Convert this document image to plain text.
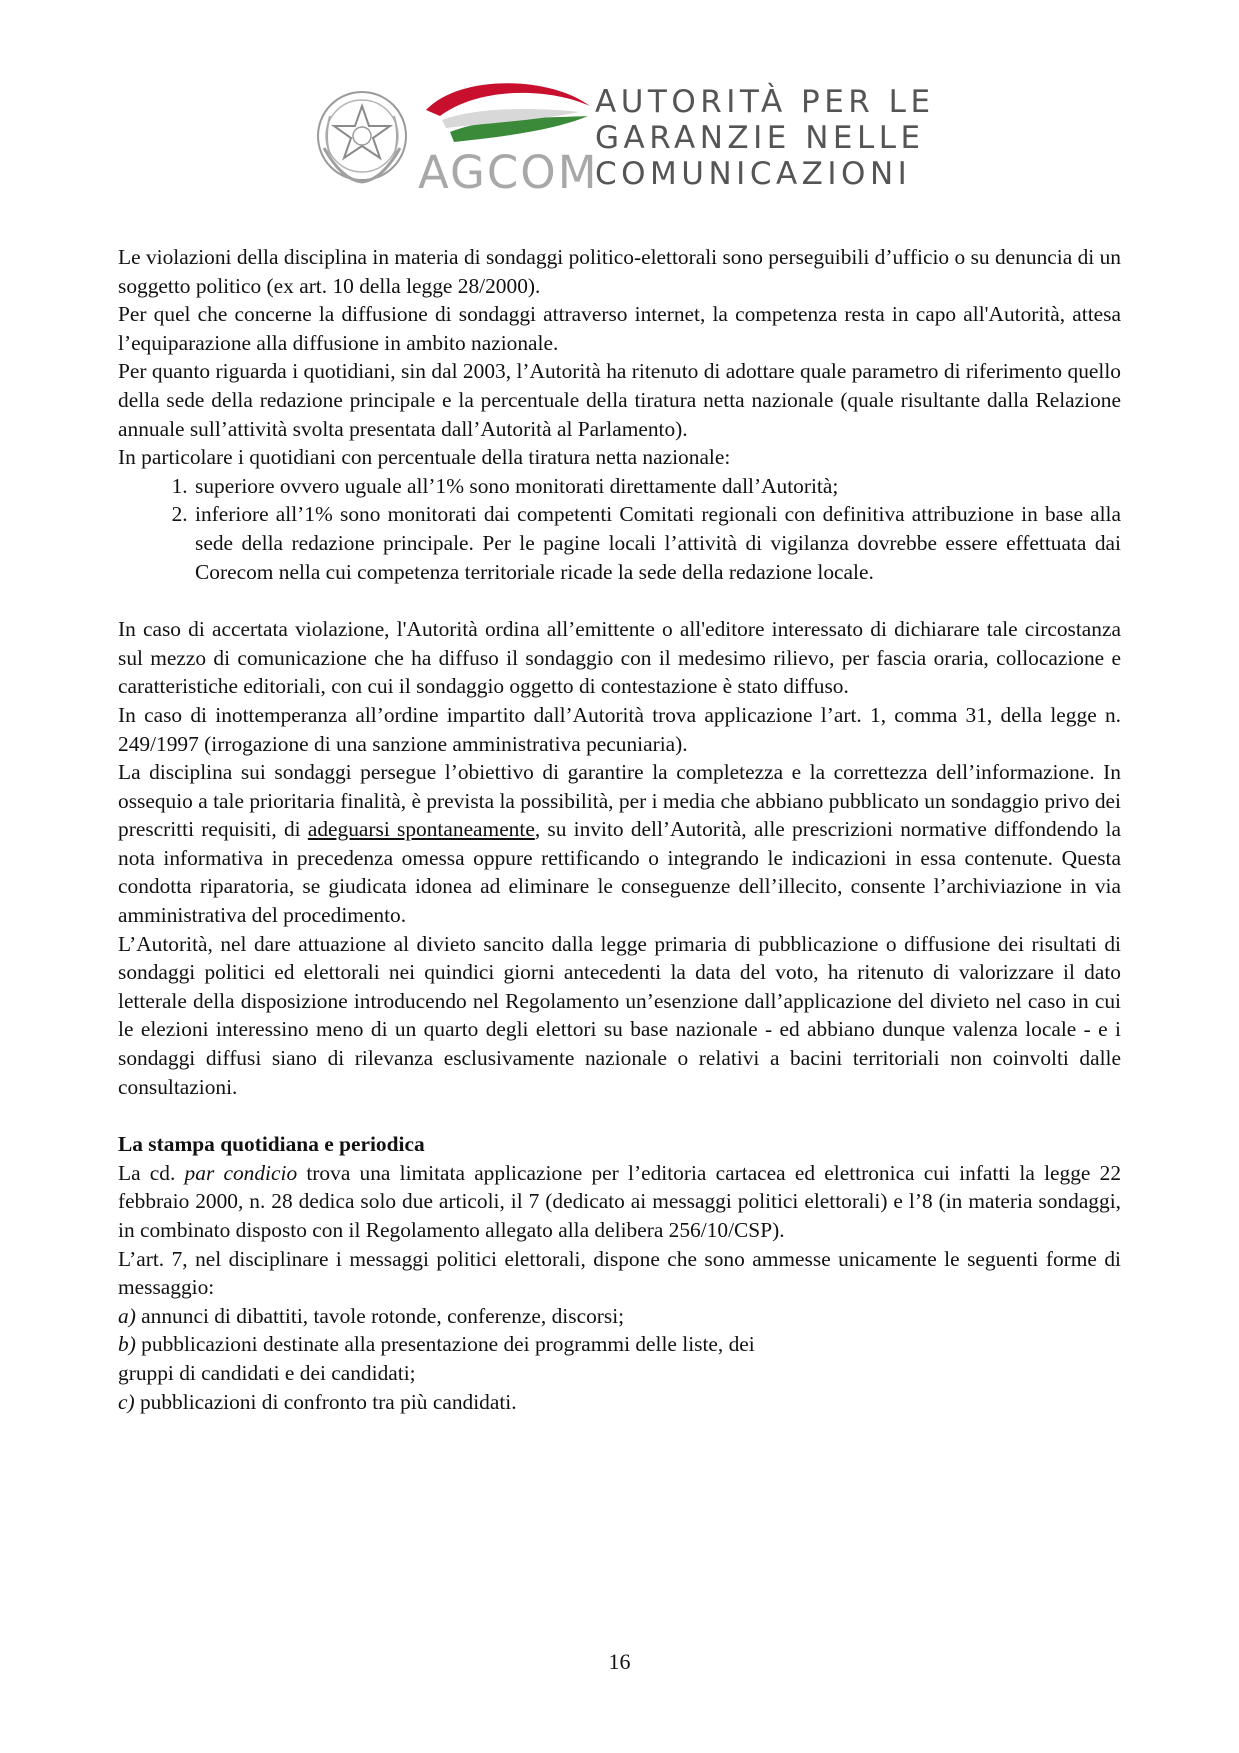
AGCOM
AUTORITÀ PER LE
GARANZIE NELLE
COMUNICAZIONI

Le violazioni della disciplina in materia di sondaggi politico-elettorali sono perseguibili d’ufficio o su denuncia di un soggetto politico (ex art. 10 della legge 28/2000).

Per quel che concerne la diffusione di sondaggi attraverso internet, la competenza resta in capo all'Autorità, attesa l’equiparazione alla diffusione in ambito nazionale.

Per quanto riguarda i quotidiani, sin dal 2003, l’Autorità ha ritenuto di adottare quale parametro di riferimento quello della sede della redazione principale e la percentuale della tiratura netta nazionale (quale risultante dalla Relazione annuale sull’attività svolta presentata dall’Autorità al Parlamento).

In particolare i quotidiani con percentuale della tiratura netta nazionale:

1. superiore ovvero uguale all’1% sono monitorati direttamente dall’Autorità;
2. inferiore all’1% sono monitorati dai competenti Comitati regionali con definitiva attribuzione in base alla sede della redazione principale. Per le pagine locali l’attività di vigilanza dovrebbe essere effettuata dai Corecom nella cui competenza territoriale ricade la sede della redazione locale.

In caso di accertata violazione, l'Autorità ordina all’emittente o all'editore interessato di dichiarare tale circostanza sul mezzo di comunicazione che ha diffuso il sondaggio con il medesimo rilievo, per fascia oraria, collocazione e caratteristiche editoriali, con cui il sondaggio oggetto di contestazione è stato diffuso.

In caso di inottemperanza all’ordine impartito dall’Autorità trova applicazione l’art. 1, comma 31, della legge n. 249/1997 (irrogazione di una sanzione amministrativa pecuniaria).

La disciplina sui sondaggi persegue l’obiettivo di garantire la completezza e la correttezza dell’informazione. In ossequio a tale prioritaria finalità, è prevista la possibilità, per i media che abbiano pubblicato un sondaggio privo dei prescritti requisiti, di adeguarsi spontaneamente, su invito dell’Autorità, alle prescrizioni normative diffondendo la nota informativa in precedenza omessa oppure rettificando o integrando le indicazioni in essa contenute. Questa condotta riparatoria, se giudicata idonea ad eliminare le conseguenze dell’illecito, consente l’archiviazione in via amministrativa del procedimento.

L’Autorità, nel dare attuazione al divieto sancito dalla legge primaria di pubblicazione o diffusione dei risultati di sondaggi politici ed elettorali nei quindici giorni antecedenti la data del voto, ha ritenuto di valorizzare il dato letterale della disposizione introducendo nel Regolamento un’esenzione dall’applicazione del divieto nel caso in cui le elezioni interessino meno di un quarto degli elettori su base nazionale - ed abbiano dunque valenza locale - e i sondaggi diffusi siano di rilevanza esclusivamente nazionale o relativi a bacini territoriali non coinvolti dalle consultazioni.

La stampa quotidiana e periodica

La cd. par condicio trova una limitata applicazione per l’editoria cartacea ed elettronica cui infatti la legge 22 febbraio 2000, n. 28 dedica solo due articoli, il 7 (dedicato ai messaggi politici elettorali) e l’8 (in materia sondaggi, in combinato disposto con il Regolamento allegato alla delibera 256/10/CSP).

L’art. 7, nel disciplinare i messaggi politici elettorali, dispone che sono ammesse unicamente le seguenti forme di messaggio:

a) annunci di dibattiti, tavole rotonde, conferenze, discorsi;

b) pubblicazioni destinate alla presentazione dei programmi delle liste, dei

gruppi di candidati e dei candidati;

c) pubblicazioni di confronto tra più candidati.

16
